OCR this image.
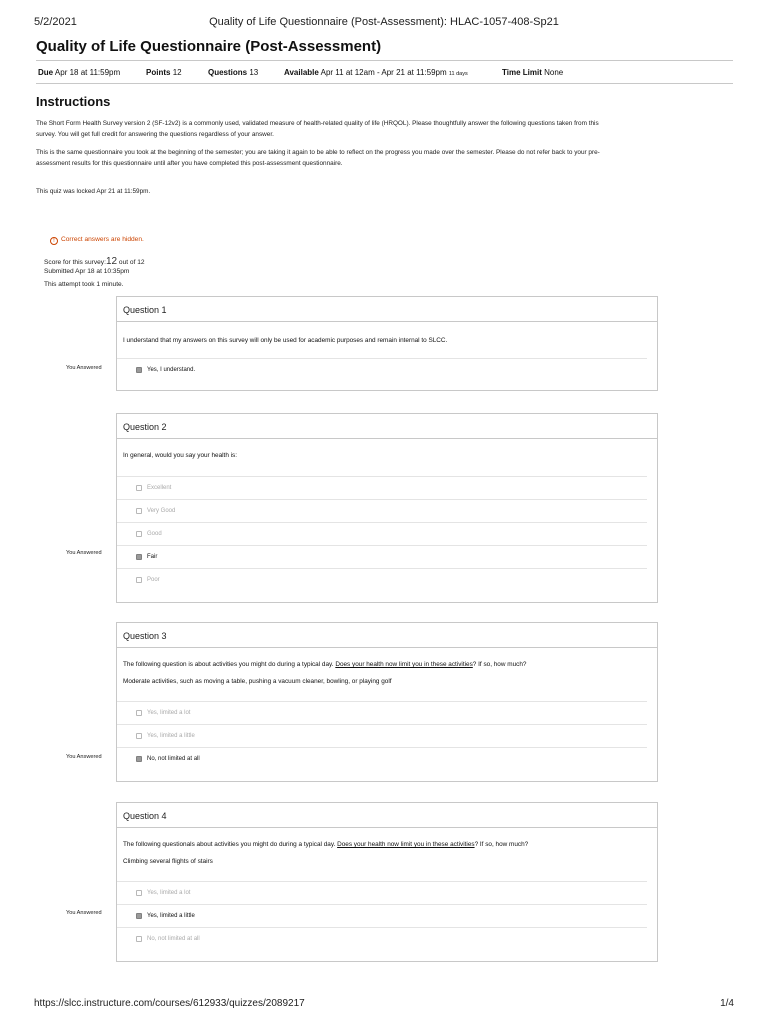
5/2/2021	Quality of Life Questionnaire (Post-Assessment): HLAC-1057-408-Sp21
Quality of Life Questionnaire (Post-Assessment)
Due Apr 18 at 11:59pm	Points 12	Questions 13	Available Apr 11 at 12am - Apr 21 at 11:59pm 11 days	Time Limit None
Instructions
The Short Form Health Survey version 2 (SF-12v2) is a commonly used, validated measure of health-related quality of life (HRQOL). Please thoughtfully answer the following questions taken from this
survey. You will get full credit for answering the questions regardless of your answer.
This is the same questionnaire you took at the beginning of the semester; you are taking it again to be able to reflect on the progress you made over the semester. Please do not refer back to your pre-
assessment results for this questionnaire until after you have completed this post-assessment questionnaire.
This quiz was locked Apr 21 at 11:59pm.
! Correct answers are hidden.
Score for this survey:12 out of 12
Submitted Apr 18 at 10:35pm
This attempt took 1 minute.
Question 1
I understand that my answers on this survey will only be used for academic purposes and remain internal to SLCC.
Yes, I understand.
You Answered
Question 2
In general, would you say your health is:
Excellent
Very Good
Good
Fair
Poor
You Answered
Question 3
The following question is about activities you might do during a typical day. Does your health now limit you in these activities? If so, how much?
Moderate activities, such as moving a table, pushing a vacuum cleaner, bowling, or playing golf
Yes, limited a lot
Yes, limited a little
No, not limited at all
You Answered
Question 4
The following questionals about activities you might do during a typical day. Does your health now limit you in these activities? If so, how much?
Climbing several flights of stairs
Yes, limited a lot
Yes, limited a little
No, not limited at all
You Answered
https://slcc.instructure.com/courses/612933/quizzes/2089217	1/4
